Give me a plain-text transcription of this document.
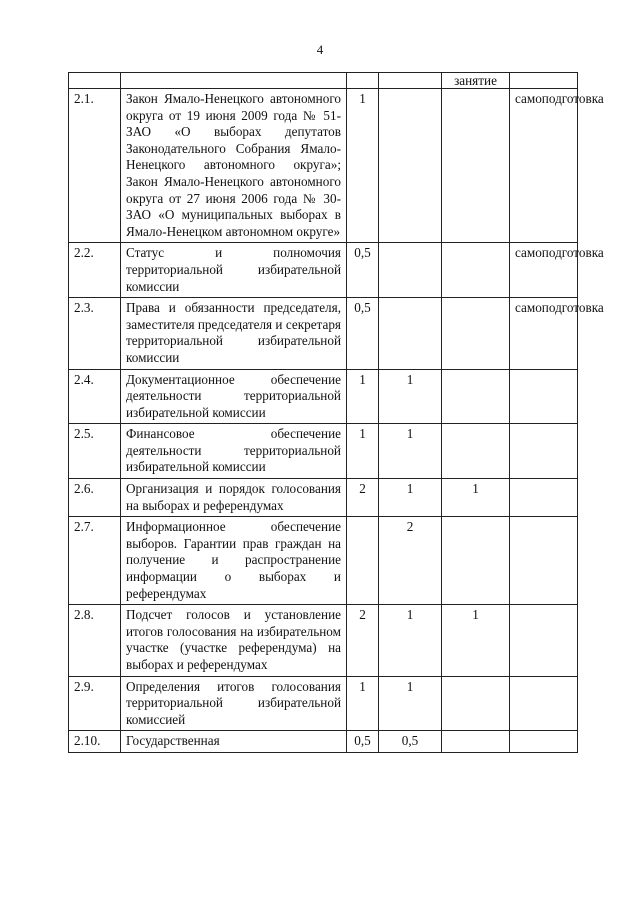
4
				занятие	
2.1.	Закон Ямало-Ненецкого автономного округа от 19 июня 2009 года № 51-ЗАО «О выборах депутатов Законодательного Собрания Ямало-Ненецкого автономного округа»; Закон Ямало-Ненецкого автономного округа от 27 июня 2006 года № 30-ЗАО «О муниципальных выборах в Ямало-Ненецком автономном округе»	1			самоподготовка
2.2.	Статус и полномочия территориальной избирательной комиссии	0,5			самоподготовка
2.3.	Права и обязанности председателя, заместителя председателя и секретаря территориальной избирательной комиссии	0,5			самоподготовка
2.4.	Документационное обеспечение деятельности территориальной избирательной комиссии	1	1		
2.5.	Финансовое обеспечение деятельности территориальной избирательной комиссии	1	1		
2.6.	Организация и порядок голосования на выборах и референдумах	2	1	1	
2.7.	Информационное обеспечение выборов. Гарантии прав граждан на получение и распространение информации о выборах и референдумах		2		
2.8.	Подсчет голосов и установление итогов голосования на избирательном участке (участке референдума) на выборах и референдумах	2	1	1	
2.9.	Определения итогов голосования территориальной избирательной комиссией	1	1		
2.10.	Государственная	0,5	0,5		
